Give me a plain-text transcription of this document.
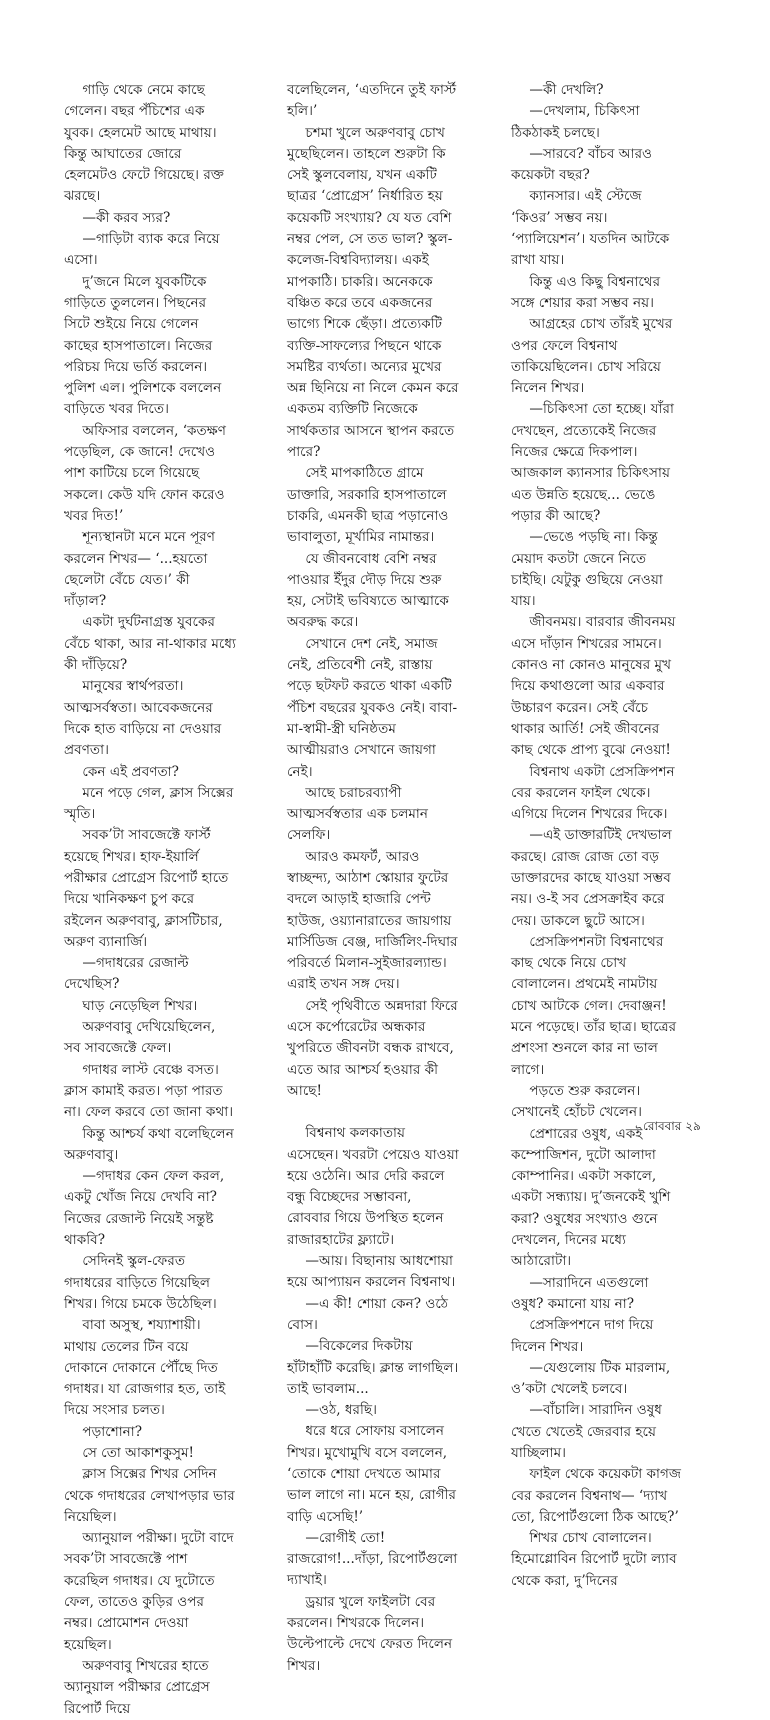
গাড়ি থেকে নেমে কাছে গেলেন। বছর পঁচিশের এক যুবক। হেলমেট আছে মাথায়। কিন্তু আঘাতের জোরে হেলমেটও ফেটে গিয়েছে। রক্ত ঝরছে।

—কী করব স্যর?

—গাড়িটা ব্যাক করে নিয়ে এসো।

দু’জনে মিলে যুবকটিকে গাড়িতে তুললেন। পিছনের সিটে শুইয়ে নিয়ে গেলেন কাছের হাসপাতালে। নিজের পরিচয় দিয়ে ভর্তি করলেন। পুলিশ এল। পুলিশকে বললেন বাড়িতে খবর দিতে।

অফিসার বললেন, ‘কতক্ষণ পড়েছিল, কে জানে! দেখেও পাশ কাটিয়ে চলে গিয়েছে সকলে। কেউ যদি ফোন করেও খবর দিত!’

শূন্যস্থানটা মনে মনে পূরণ করলেন শিখর— ‘...হয়তো ছেলেটা বেঁচে যেত।’ কী দাঁড়াল?

একটা দুর্ঘটনাগ্রস্ত যুবকের বেঁচে থাকা, আর না-থাকার মধ্যে কী দাঁড়িয়ে?

মানুষের স্বার্থপরতা। আত্মসর্বস্বতা। আবেকজনের দিকে হাত বাড়িয়ে না দেওয়ার প্রবণতা।

কেন এই প্রবণতা?

মনে পড়ে গেল, ক্লাস সিক্সের স্মৃতি।

সবক’টা সাবজেক্টে ফার্স্ট হয়েছে শিখর। হাফ-ইয়ার্লি পরীক্ষার প্রোগ্রেস রিপোর্ট হাতে দিয়ে খানিকক্ষণ চুপ করে রইলেন অরুণবাবু, ক্লাসটিচার, অরুণ ব্যানার্জি।

—গদাধরের রেজাল্ট দেখেছিস?

ঘাড় নেড়েছিল শিখর।

অরুণবাবু দেখিয়েছিলেন, সব সাবজেক্টে ফেল।

গদাধর লাস্ট বেঞ্চে বসত। ক্লাস কামাই করত। পড়া পারত না। ফেল করবে তো জানা কথা।

কিন্তু আশ্চর্য কথা বলেছিলেন অরুণবাবু।

—গদাধর কেন ফেল করল, একটু খোঁজ নিয়ে দেখবি না? নিজের রেজাল্ট নিয়েই সন্তুষ্ট থাকবি?

সেদিনই স্কুল-ফেরত গদাধরের বাড়িতে গিয়েছিল শিখর। গিয়ে চমকে উঠেছিল।

বাবা অসুস্থ, শয্যাশায়ী। মাথায় তেলের টিন বয়ে দোকানে দোকানে পৌঁছে দিত গদাধর। যা রোজগার হত, তাই দিয়ে সংসার চলত।

পড়াশোনা?

সে তো আকাশকুসুম!

ক্লাস সিক্সের শিখর সেদিন থেকে গদাধরের লেখাপড়ার ভার নিয়েছিল।

অ্যানুয়াল পরীক্ষা। দুটো বাদে সবক’টা সাবজেক্টে পাশ করেছিল গদাধর। যে দুটোতে ফেল, তাতেও কুড়ির ওপর নম্বর। প্রোমোশন দেওয়া হয়েছিল।

অরুণবাবু শিখরের হাতে অ্যানুয়াল পরীক্ষার প্রোগ্রেস রিপোর্ট দিয়ে

বলেছিলেন, ‘এতদিনে তুই ফার্স্ট হলি।’

চশমা খুলে অরুণবাবু চোখ মুছেছিলেন। তাহলে শুরুটা কি সেই স্কুলবেলায়, যখন একটি ছাত্রর ‘প্রোগ্রেস’ নির্ধারিত হয় কয়েকটি সংখ্যায়? যে যত বেশি নম্বর পেল, সে তত ভাল? স্কুল-কলেজ-বিশ্ববিদ্যালয়। একই মাপকাঠি। চাকরি। অনেককে বঞ্চিত করে তবে একজনের ভাগ্যে শিকে ছেঁড়া। প্রত্যেকটি ব্যক্তি-সাফল্যের পিছনে থাকে সমষ্টির ব্যর্থতা। অন্যের মুখের অন্ন ছিনিয়ে না নিলে কেমন করে একতম ব্যক্তিটি নিজেকে সার্থকতার আসনে স্থাপন করতে পারে?

সেই মাপকাঠিতে গ্রামে ডাক্তারি, সরকারি হাসপাতালে চাকরি, এমনকী ছাত্র পড়ানোও ভাবালুতা, মূর্খামির নামান্তর।

যে জীবনবোধ বেশি নম্বর পাওয়ার ইঁদুর দৌড় দিয়ে শুরু হয়, সেটাই ভবিষ্যতে আত্মাকে অবরুদ্ধ করে।

সেখানে দেশ নেই, সমাজ নেই, প্রতিবেশী নেই, রাস্তায় পড়ে ছটফট করতে থাকা একটি পঁচিশ বছরের যুবকও নেই। বাবা-মা-স্বামী-স্ত্রী ঘনিষ্ঠতম আত্মীয়রাও সেখানে জায়গা নেই।

আছে চরাচরব্যাপী আত্মসর্বস্বতার এক চলমান সেলফি।

আরও কমফর্ট, আরও স্বাচ্ছন্দ্য, আঠাশ স্কোয়ার ফুটের বদলে আড়াই হাজারি পেন্ট হাউজ, ওয়্যানারাতের জায়গায় মার্সিডিজ বেঞ্জ, দার্জিলিং-দিঘার পরিবর্তে মিলান-সুইজারল্যান্ড। এরাই তখন সঙ্গ দেয়।

সেই পৃথিবীতে অন্নদারা ফিরে এসে কর্পোরেটের অন্ধকার খুপরিতে জীবনটা বন্ধক রাখবে, এতে আর আশ্চর্য হওয়ার কী আছে!

বিশ্বনাথ কলকাতায় এসেছেন। খবরটা পেয়েও যাওয়া হয়ে ওঠেনি। আর দেরি করলে বন্ধু বিচ্ছেদের সম্ভাবনা, রোববার গিয়ে উপস্থিত হলেন রাজারহাটের ফ্ল্যাটে।

—আয়। বিছানায় আধশোয়া হয়ে আপ্যায়ন করলেন বিশ্বনাথ।

—এ কী! শোয়া কেন? ওঠে বোস।

—বিকেলের দিকটায় হাঁটাহাঁটি করেছি। ক্লান্ত লাগছিল। তাই ভাবলাম...

—ওঠ, ধরছি।

ধরে ধরে সোফায় বসালেন শিখর। মুখোমুখি বসে বললেন, ‘তোকে শোয়া দেখতে আমার ভাল লাগে না। মনে হয়, রোগীর বাড়ি এসেছি!’

—রোগীই তো! রাজরোগ!...দাঁড়া, রিপোর্টগুলো দ্যাখাই।

ড্রয়ার খুলে ফাইলটা বের করলেন। শিখরকে দিলেন। উল্টেপাল্টে দেখে ফেরত দিলেন শিখর।

—কী দেখলি?

—দেখলাম, চিকিৎসা ঠিকঠাকই চলছে।

—সারবে? বাঁচব আরও কয়েকটা বছর?

ক্যানসার। এই স্টেজে ‘কিওর’ সম্ভব নয়। ‘প্যালিয়েশন’। যতদিন আটকে রাখা যায়।

কিন্তু এও কিছু বিশ্বনাথের সঙ্গে শেয়ার করা সম্ভব নয়।

আগ্রহের চোখ তাঁরই মুখের ওপর ফেলে বিশ্বনাথ তাকিয়েছিলেন। চোখ সরিয়ে নিলেন শিখর।

—চিকিৎসা তো হচ্ছে। যাঁরা দেখছেন, প্রত্যেকেই নিজের নিজের ক্ষেত্রে দিকপাল। আজকাল ক্যানসার চিকিৎসায় এত উন্নতি হয়েছে... ভেঙে পড়ার কী আছে?

—ভেঙে পড়ছি না। কিন্তু মেয়াদ কতটা জেনে নিতে চাইছি। যেটুকু গুছিয়ে নেওয়া যায়।

জীবনময়। বারবার জীবনময় এসে দাঁড়ান শিখরের সামনে। কোনও না কোনও মানুষের মুখ দিয়ে কথাগুলো আর একবার উচ্চারণ করেন। সেই বেঁচে থাকার আর্তি! সেই জীবনের কাছ থেকে প্রাপ্য বুঝে নেওয়া!

বিশ্বনাথ একটা প্রেসক্রিপশন বের করলেন ফাইল থেকে। এগিয়ে দিলেন শিখরের দিকে।

—এই ডাক্তারটিই দেখভাল করছে। রোজ রোজ তো বড় ডাক্তারদের কাছে যাওয়া সম্ভব নয়। ও-ই সব প্রেসক্রাইব করে দেয়। ডাকলে ছুটে আসে।

প্রেসক্রিপশনটা বিশ্বনাথের কাছ থেকে নিয়ে চোখ বোলালেন। প্রথমেই নামটায় চোখ আটকে গেল। দেবাঞ্জন! মনে পড়েছে। তাঁর ছাত্র। ছাত্রের প্রশংসা শুনলে কার না ভাল লাগে।

পড়তে শুরু করলেন। সেখানেই হোঁচট খেলেন।

প্রেশারের ওষুধ, একই কম্পোজিশন, দুটো আলাদা কোম্পানির। একটা সকালে, একটা সন্ধ্যায়। দু’জনকেই খুশি করা? ওষুধের সংখ্যাও গুনে দেখলেন, দিনের মধ্যে আঠারোটা।

—সারাদিনে এতগুলো ওষুধ? কমানো যায় না?

প্রেসক্রিপশনে দাগ দিয়ে দিলেন শিখর।

—যেগুলোয় টিক মারলাম, ও’কটা খেলেই চলবে।

—বাঁচালি। সারাদিন ওষুধ খেতে খেতেই জেরবার হয়ে যাচ্ছিলাম।

ফাইল থেকে কয়েকটা কাগজ বের করলেন বিশ্বনাথ— ‘দ্যাখ তো, রিপোর্টগুলো ঠিক আছে?’

শিখর চোখ বোলালেন। হিমোগ্লোবিন রিপোর্ট দুটো ল্যাব থেকে করা, দু’দিনের

রোববার ২৯
